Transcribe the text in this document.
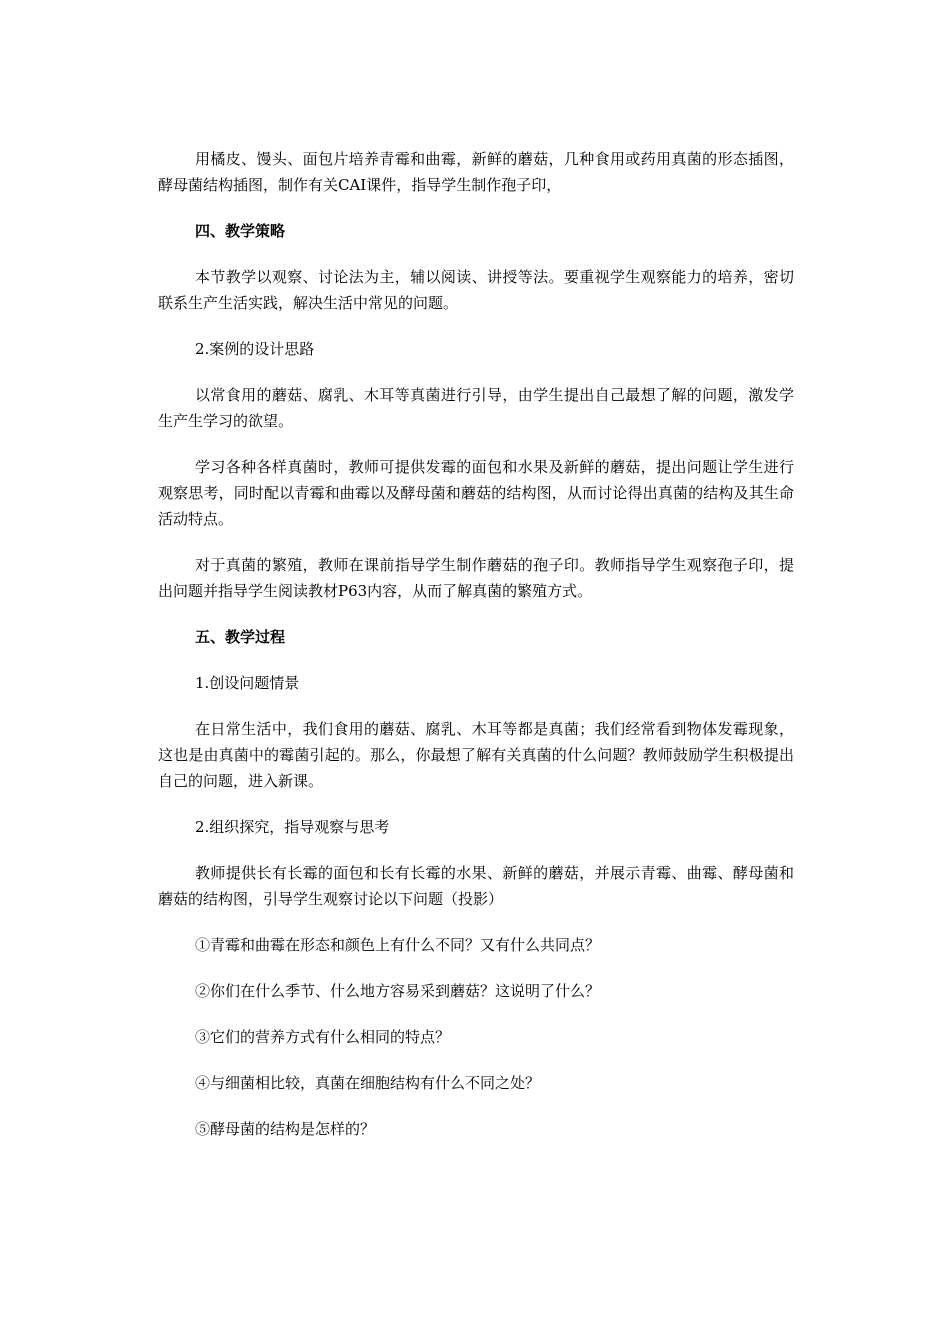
用橘皮、馒头、面包片培养青霉和曲霉，新鲜的蘑菇，几种食用或药用真菌的形态插图，酵母菌结构插图，制作有关CAI课件，指导学生制作孢子印，

四、教学策略

本节教学以观察、讨论法为主，辅以阅读、讲授等法。要重视学生观察能力的培养，密切联系生产生活实践，解决生活中常见的问题。

2.案例的设计思路

以常食用的蘑菇、腐乳、木耳等真菌进行引导，由学生提出自己最想了解的问题，激发学生产生学习的欲望。

学习各种各样真菌时，教师可提供发霉的面包和水果及新鲜的蘑菇，提出问题让学生进行观察思考，同时配以青霉和曲霉以及酵母菌和蘑菇的结构图，从而讨论得出真菌的结构及其生命活动特点。

对于真菌的繁殖，教师在课前指导学生制作蘑菇的孢子印。教师指导学生观察孢子印，提出问题并指导学生阅读教材P63内容，从而了解真菌的繁殖方式。

五、教学过程

1.创设问题情景

在日常生活中，我们食用的蘑菇、腐乳、木耳等都是真菌；我们经常看到物体发霉现象，这也是由真菌中的霉菌引起的。那么，你最想了解有关真菌的什么问题？教师鼓励学生积极提出自己的问题，进入新课。

2.组织探究，指导观察与思考

教师提供长有长霉的面包和长有长霉的水果、新鲜的蘑菇，并展示青霉、曲霉、酵母菌和蘑菇的结构图，引导学生观察讨论以下问题（投影）

①青霉和曲霉在形态和颜色上有什么不同？又有什么共同点？

②你们在什么季节、什么地方容易采到蘑菇？这说明了什么？

③它们的营养方式有什么相同的特点？

④与细菌相比较，真菌在细胞结构有什么不同之处？

⑤酵母菌的结构是怎样的？
